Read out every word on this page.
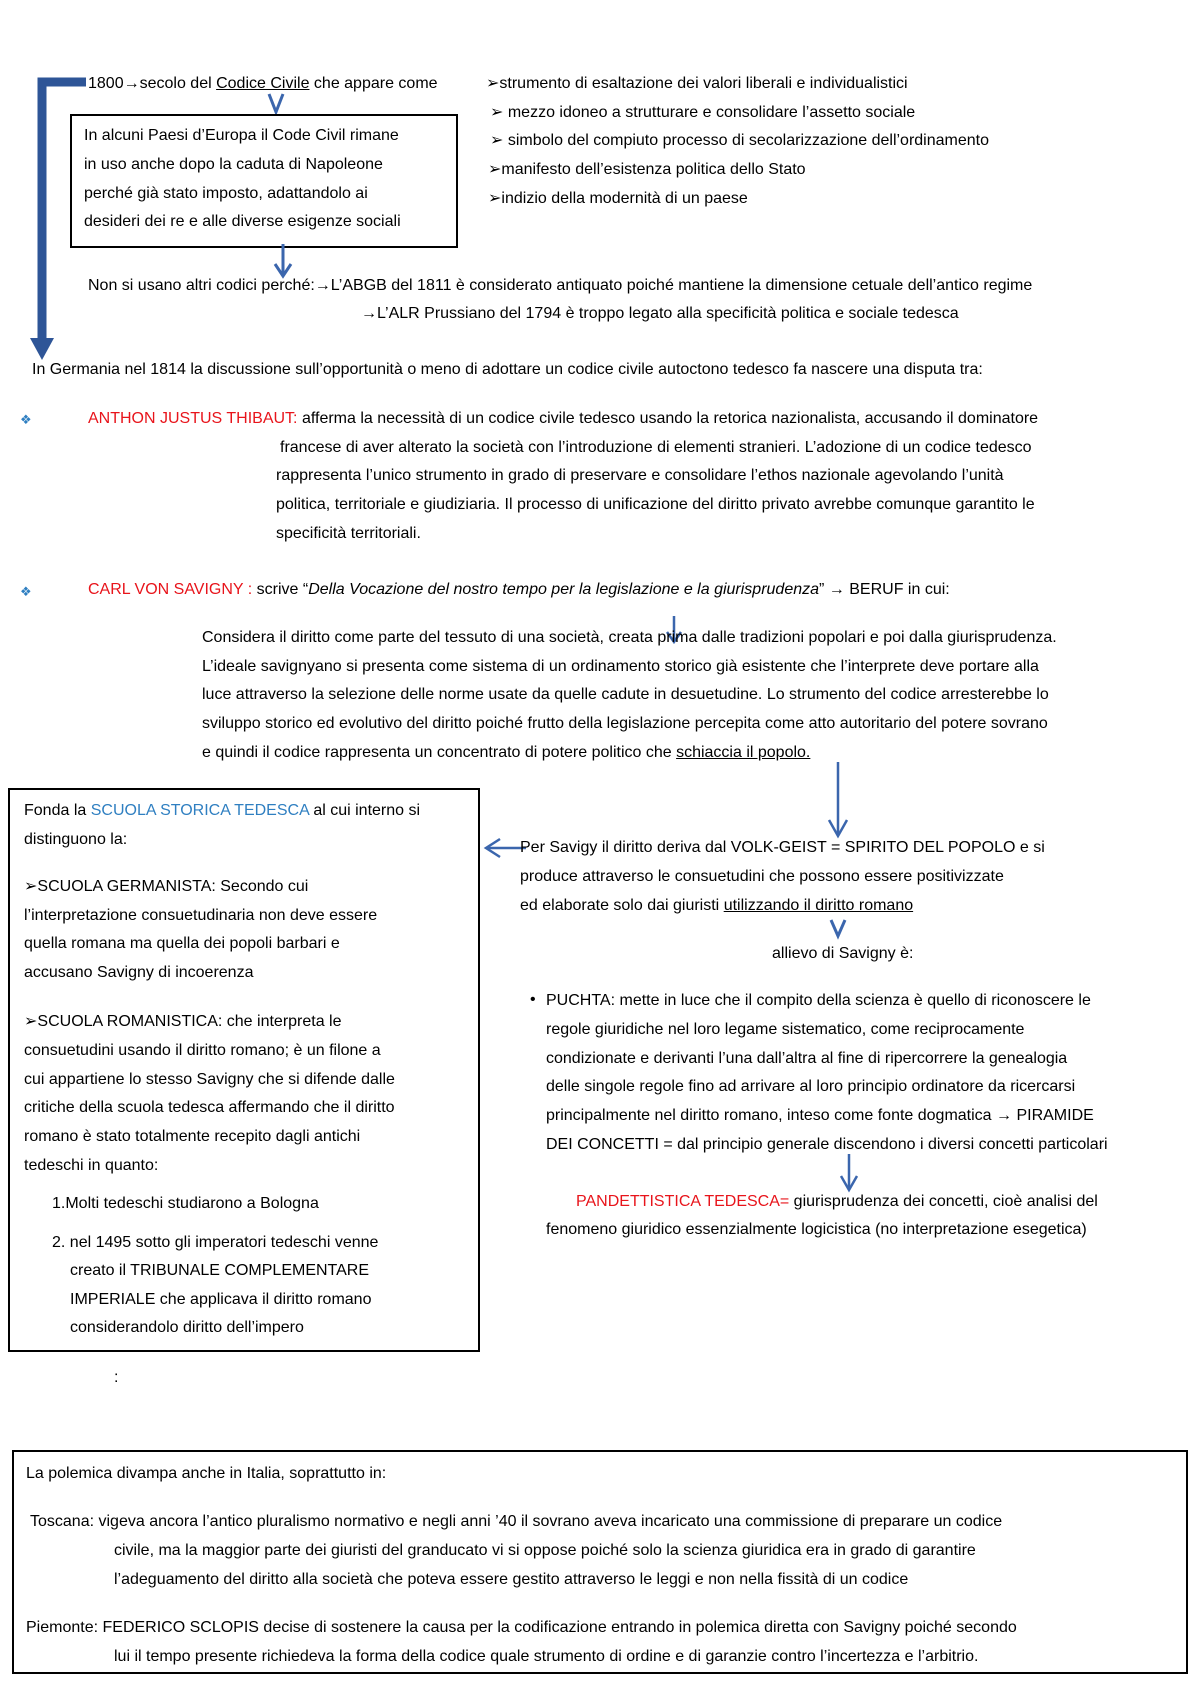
1800→secolo del Codice Civile che appare come	➢strumento di esaltazione dei valori liberali e individualistici
➢ mezzo idoneo a strutturare e consolidare l’assetto sociale
➢ simbolo del compiuto processo di secolarizzazione dell’ordinamento
➢manifesto dell’esistenza politica dello Stato
➢indizio della modernità di un paese
In alcuni Paesi d’Europa il Code Civil rimane
in uso anche dopo la caduta di Napoleone
perché già stato imposto, adattandolo ai
desideri dei re e alle diverse esigenze sociali
Non si usano altri codici perché:→L’ABGB del 1811 è considerato antiquato poiché mantiene la dimensione cetuale dell’antico regime
→L’ALR Prussiano del 1794 è troppo legato alla specificità politica e sociale tedesca
In Germania nel 1814 la discussione sull’opportunità o meno di adottare un codice civile autoctono tedesco fa nascere una disputa tra:
❖	ANTHON JUSTUS THIBAUT: afferma la necessità di un codice civile tedesco usando la retorica nazionalista, accusando il dominatore
francese di aver alterato la società con l’introduzione di elementi stranieri. L’adozione di un codice tedesco
rappresenta l’unico strumento in grado di preservare e consolidare l’ethos nazionale agevolando l’unità
politica, territoriale e giudiziaria. Il processo di unificazione del diritto privato avrebbe comunque garantito le
specificità territoriali.
❖	CARL VON SAVIGNY : scrive “Della Vocazione del nostro tempo per la legislazione e la giurisprudenza” → BERUF in cui:
Considera il diritto come parte del tessuto di una società, creata prima dalle tradizioni popolari e poi dalla giurisprudenza.
L’ideale savignyano si presenta come sistema di un ordinamento storico già esistente che l’interprete deve portare alla
luce attraverso la selezione delle norme usate da quelle cadute in desuetudine. Lo strumento del codice arresterebbe lo
sviluppo storico ed evolutivo del diritto poiché frutto della legislazione percepita come atto autoritario del potere sovrano
e quindi il codice rappresenta un concentrato di potere politico che schiaccia il popolo.
Fonda la SCUOLA STORICA TEDESCA al cui interno si
distinguono la:
➢SCUOLA GERMANISTA: Secondo cui
l’interpretazione consuetudinaria non deve essere
quella romana ma quella dei popoli barbari e
accusano Savigny di incoerenza
➢SCUOLA ROMANISTICA: che interpreta le
consuetudini usando il diritto romano; è un filone a
cui appartiene lo stesso Savigny che si difende dalle
critiche della scuola tedesca affermando che il diritto
romano è stato totalmente recepito dagli antichi
tedeschi in quanto:
1.Molti tedeschi studiarono a Bologna
2. nel 1495 sotto gli imperatori tedeschi venne
creato il TRIBUNALE COMPLEMENTARE
IMPERIALE che applicava il diritto romano
considerandolo diritto dell’impero
Per Savigy il diritto deriva dal VOLK-GEIST = SPIRITO DEL POPOLO e si
produce attraverso le consuetudini che possono essere positivizzate
ed elaborate solo dai giuristi utilizzando il diritto romano
allievo di Savigny è:
• PUCHTA: mette in luce che il compito della scienza è quello di riconoscere le
regole giuridiche nel loro legame sistematico, come reciprocamente
condizionate e derivanti l’una dall’altra al fine di ripercorrere la genealogia
delle singole regole fino ad arrivare al loro principio ordinatore da ricercarsi
principalmente nel diritto romano, inteso come fonte dogmatica → PIRAMIDE
DEI CONCETTI = dal principio generale discendono i diversi concetti particolari
PANDETTISTICA TEDESCA= giurisprudenza dei concetti, cioè analisi del
fenomeno giuridico essenzialmente logicistica (no interpretazione esegetica)
:
La polemica divampa anche in Italia, soprattutto in:
Toscana: vigeva ancora l’antico pluralismo normativo e negli anni ’40 il sovrano aveva incaricato una commissione di preparare un codice
civile, ma la maggior parte dei giuristi del granducato vi si oppose poiché solo la scienza giuridica era in grado di garantire
l’adeguamento del diritto alla società che poteva essere gestito attraverso le leggi e non nella fissità di un codice
Piemonte: FEDERICO SCLOPIS decise di sostenere la causa per la codificazione entrando in polemica diretta con Savigny poiché secondo
lui il tempo presente richiedeva la forma della codice quale strumento di ordine e di garanzie contro l’incertezza e l’arbitrio.
